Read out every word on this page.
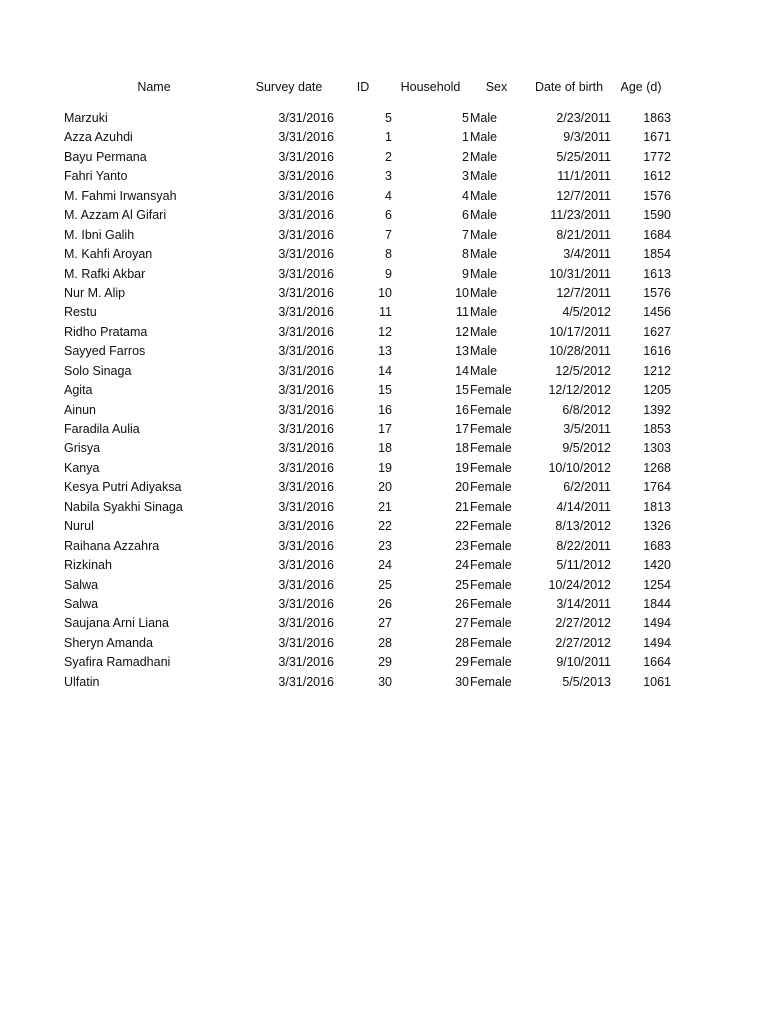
Name	Survey date	ID	Household	Sex	Date of birth	Age (d)
Marzuki	3/31/2016	5	5 Male	2/23/2011	1863
Azza Azuhdi	3/31/2016	1	1 Male	9/3/2011	1671
Bayu Permana	3/31/2016	2	2 Male	5/25/2011	1772
Fahri Yanto	3/31/2016	3	3 Male	11/1/2011	1612
M. Fahmi Irwansyah	3/31/2016	4	4 Male	12/7/2011	1576
M. Azzam Al Gifari	3/31/2016	6	6 Male	11/23/2011	1590
M. Ibni Galih	3/31/2016	7	7 Male	8/21/2011	1684
M. Kahfi Aroyan	3/31/2016	8	8 Male	3/4/2011	1854
M. Rafki Akbar	3/31/2016	9	9 Male	10/31/2011	1613
Nur M. Alip	3/31/2016	10	10 Male	12/7/2011	1576
Restu	3/31/2016	11	11 Male	4/5/2012	1456
Ridho Pratama	3/31/2016	12	12 Male	10/17/2011	1627
Sayyed Farros	3/31/2016	13	13 Male	10/28/2011	1616
Solo Sinaga	3/31/2016	14	14 Male	12/5/2012	1212
Agita	3/31/2016	15	15 Female	12/12/2012	1205
Ainun	3/31/2016	16	16 Female	6/8/2012	1392
Faradila Aulia	3/31/2016	17	17 Female	3/5/2011	1853
Grisya	3/31/2016	18	18 Female	9/5/2012	1303
Kanya	3/31/2016	19	19 Female	10/10/2012	1268
Kesya Putri Adiyaksa	3/31/2016	20	20 Female	6/2/2011	1764
Nabila Syakhi Sinaga	3/31/2016	21	21 Female	4/14/2011	1813
Nurul	3/31/2016	22	22 Female	8/13/2012	1326
Raihana Azzahra	3/31/2016	23	23 Female	8/22/2011	1683
Rizkinah	3/31/2016	24	24 Female	5/11/2012	1420
Salwa	3/31/2016	25	25 Female	10/24/2012	1254
Salwa	3/31/2016	26	26 Female	3/14/2011	1844
Saujana Arni Liana	3/31/2016	27	27 Female	2/27/2012	1494
Sheryn Amanda	3/31/2016	28	28 Female	2/27/2012	1494
Syafira Ramadhani	3/31/2016	29	29 Female	9/10/2011	1664
Ulfatin	3/31/2016	30	30 Female	5/5/2013	1061
